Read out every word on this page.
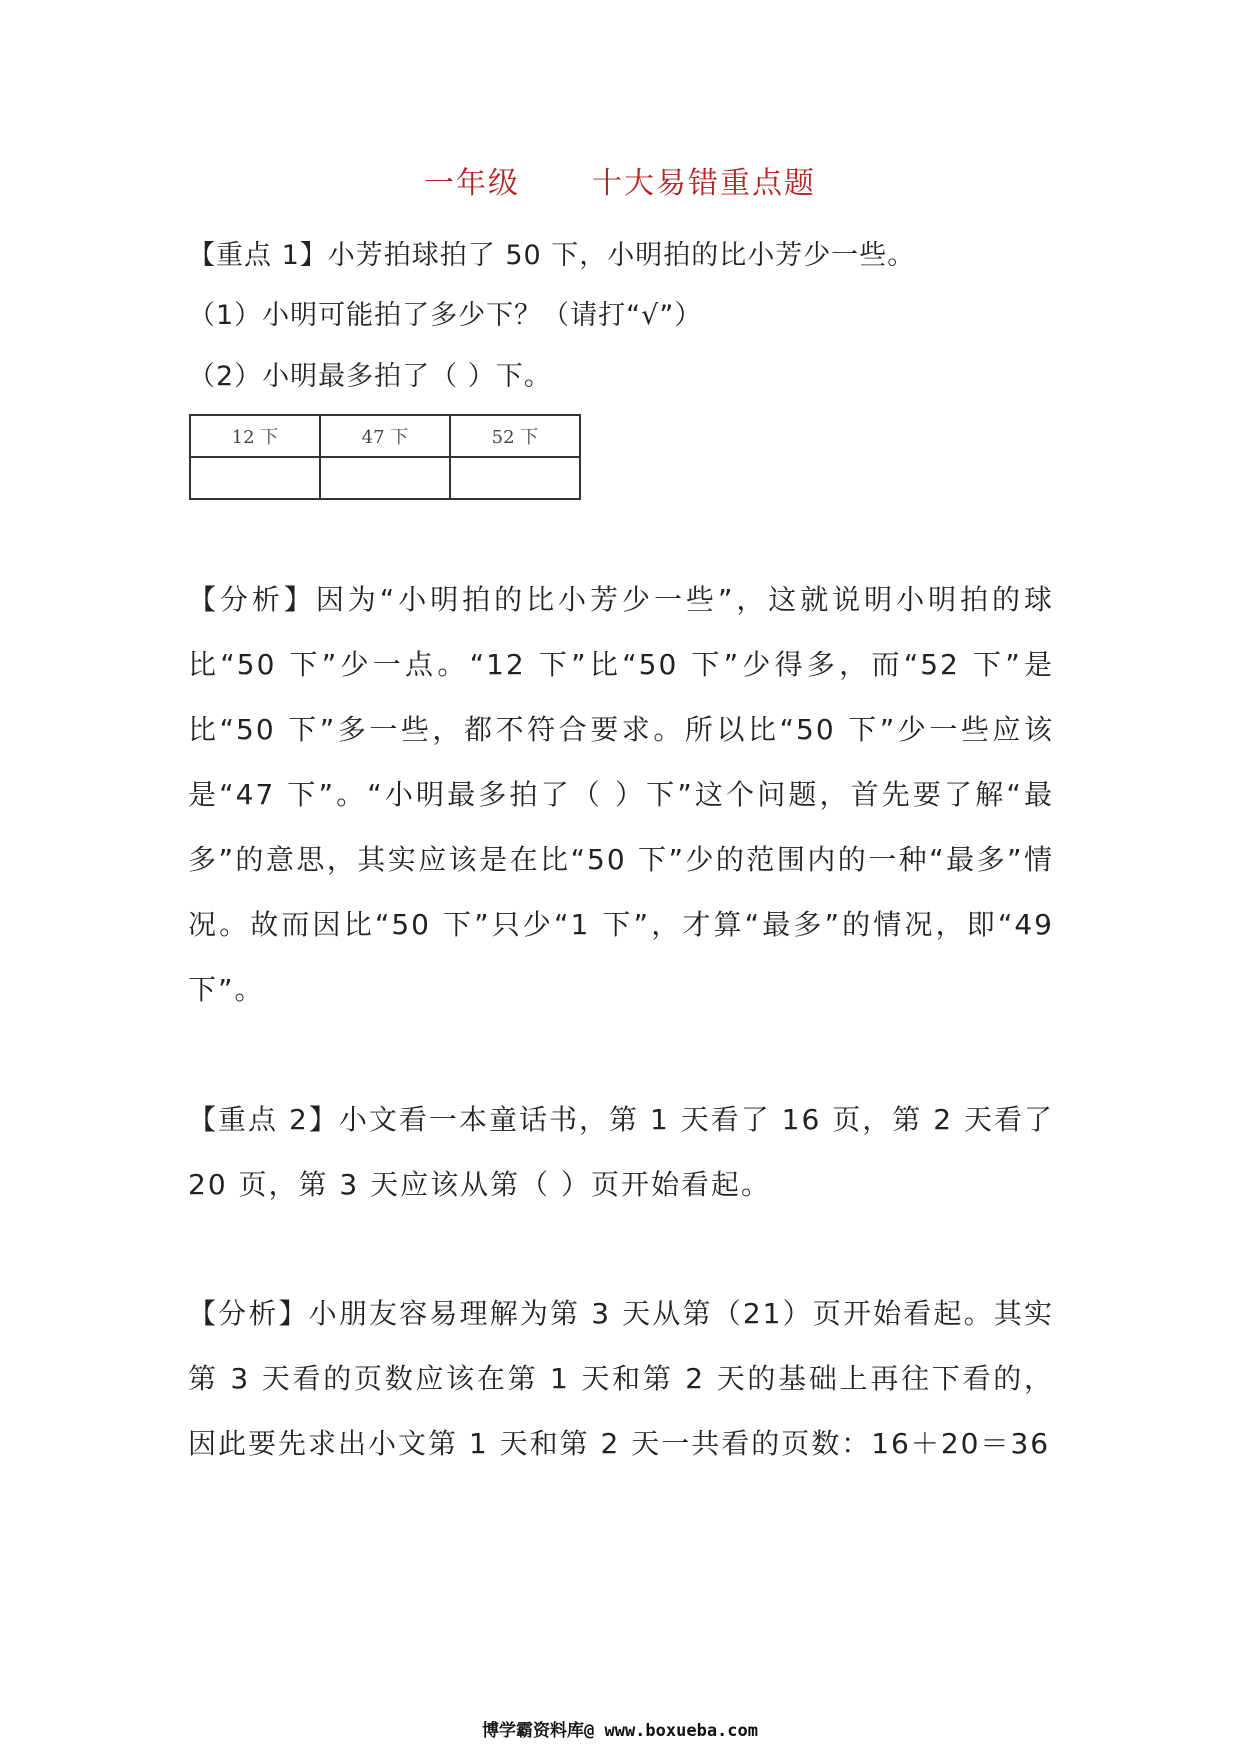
一年级 十大易错重点题
【重点 1】小芳拍球拍了 50 下，小明拍的比小芳少一些。
（1）小明可能拍了多少下？（请打“√”）
（2）小明最多拍了（ ）下。
12 下	47 下	52 下

【分析】因为“小明拍的比小芳少一些”，这就说明小明拍的球比“50 下”少一点。“12 下”比“50 下”少得多，而“52 下”是比“50 下”多一些，都不符合要求。所以比“50 下”少一些应该是“47 下”。“小明最多拍了（ ）下”这个问题，首先要了解“最多”的意思，其实应该是在比“50 下”少的范围内的一种“最多”情况。故而因比“50 下”只少“1 下”，才算“最多”的情况，即“49 下”。
【重点 2】小文看一本童话书，第 1 天看了 16 页，第 2 天看了 20 页，第 3 天应该从第（ ）页开始看起。
【分析】小朋友容易理解为第 3 天从第（21）页开始看起。其实第 3 天看的页数应该在第 1 天和第 2 天的基础上再往下看的，因此要先求出小文第 1 天和第 2 天一共看的页数：16＋20＝36
博学霸资料库@ www.boxueba.com
